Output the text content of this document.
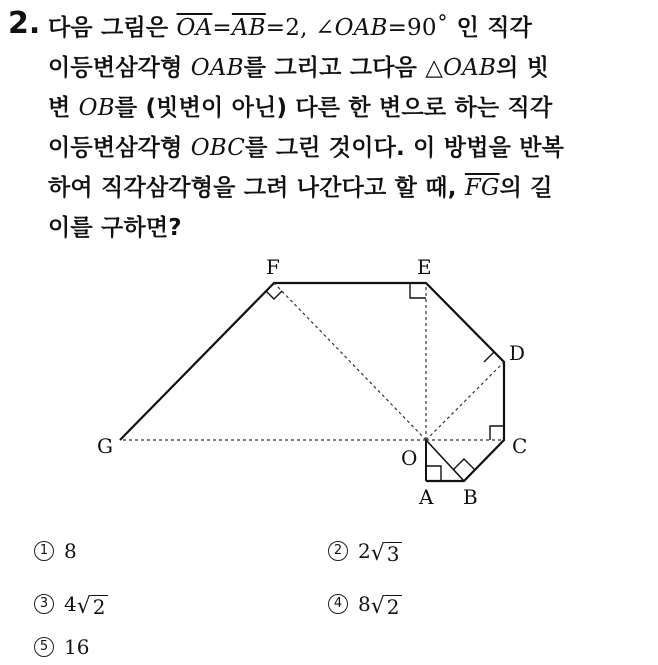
2. 다음 그림은 $\overline{OA}=\overline{AB}=2$, ∠OAB=90˚ 인 직각
이등변삼각형 OAB를 그리고 그다음 △OAB의 빗
변 OB를 (빗변이 아닌) 다른 한 변으로 하는 직각
이등변삼각형 OBC를 그린 것이다. 이 방법을 반복
하여 직각삼각형을 그려 나간다고 할 때, $\overline{FG}$의 길
이를 구하면?
F	E
D
C
B
A
O
G
1 8	2 2 √ 3
3 4 √ 2	4 8 √ 2
5 16
